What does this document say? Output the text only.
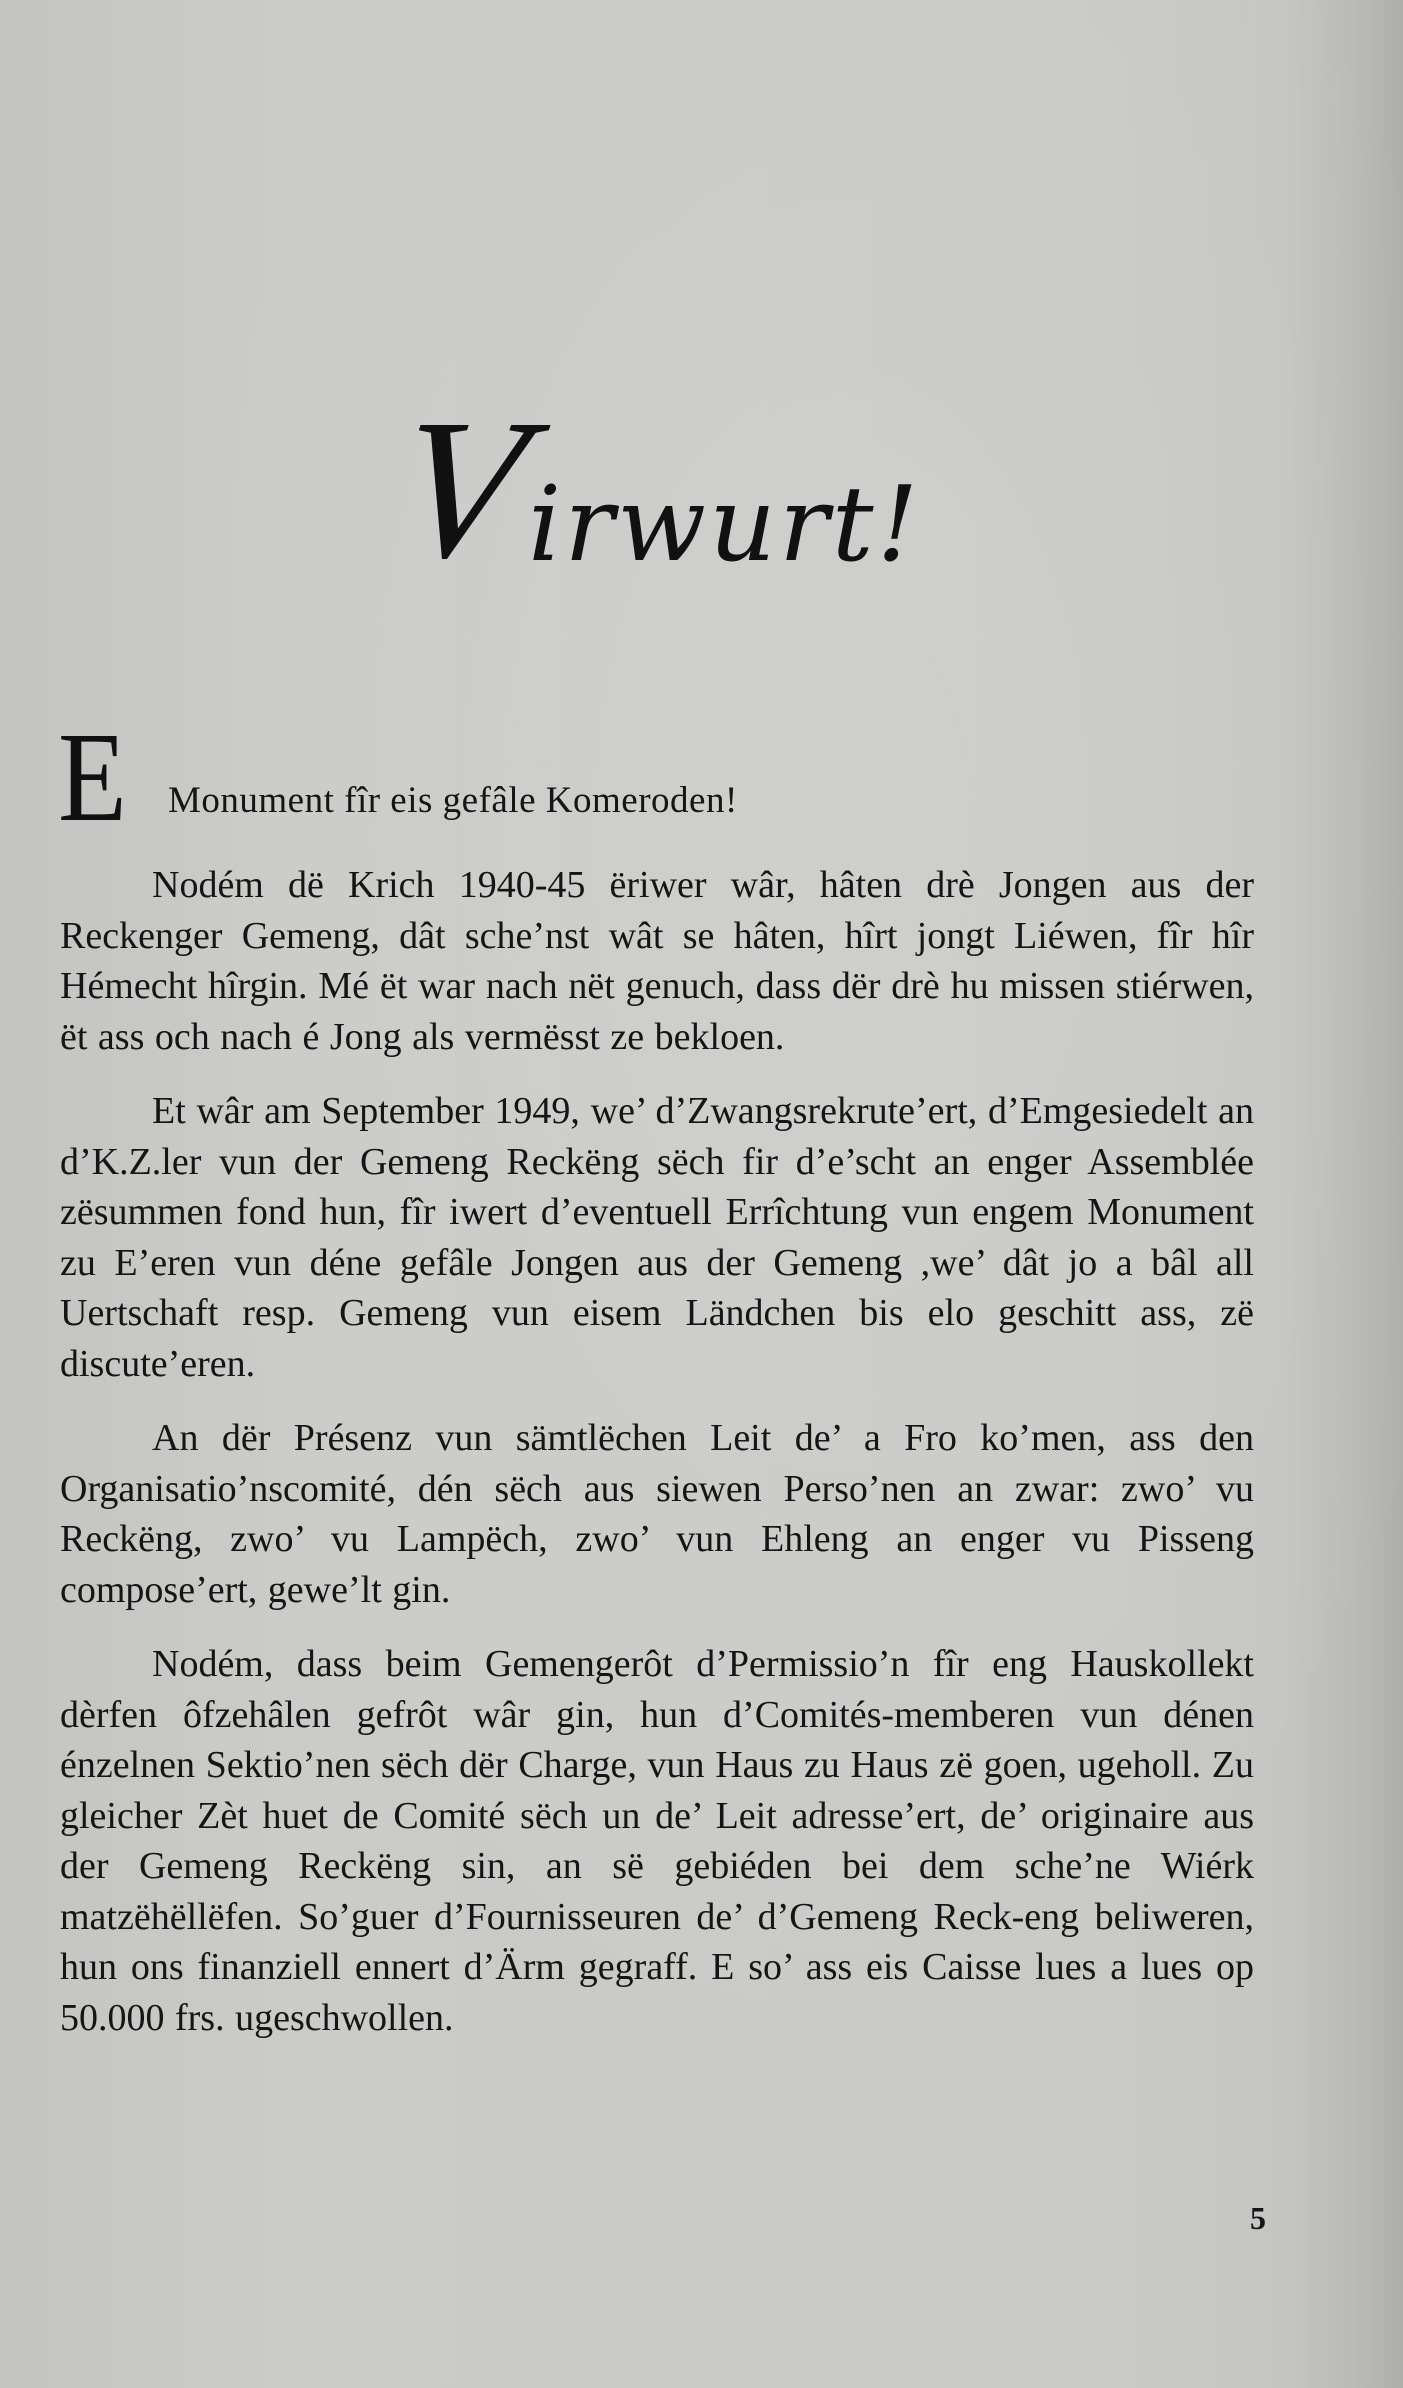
V
irwurt!
E Monument fîr eis gefâle Komeroden!

Nodém dë Krich 1940-45 ëriwer wâr, hâten drè Jongen aus der Reckenger Gemeng, dât sche’nst wât se hâten, hîrt jongt Liéwen, fîr hîr Hémecht hîrgin. Mé ët war nach nët genuch, dass dër drè hu missen stiérwen, ët ass och nach é Jong als vermësst ze bekloen.

Et wâr am September 1949, we’ d’Zwangsrekrute’ert, d’Emgesiedelt an d’K.Z.ler vun der Gemeng Reckëng sëch fir d’e’scht an enger Assemblée zësummen fond hun, fîr iwert d’eventuell Errîchtung vun engem Monument zu E’eren vun déne gefâle Jongen aus der Gemeng ,we’ dât jo a bâl all Uertschaft resp. Gemeng vun eisem Ländchen bis elo geschitt ass, zë discute’eren.

An dër Présenz vun sämtlëchen Leit de’ a Fro ko’men, ass den Organisatio’nscomité, dén sëch aus siewen Perso’nen an zwar: zwo’ vu Reckëng, zwo’ vu Lampëch, zwo’ vun Ehleng an enger vu Pisseng compose’ert, gewe’lt gin.

Nodém, dass beim Gemengerôt d’Permissio’n fîr eng Hauskollekt dèrfen ôfzehâlen gefrôt wâr gin, hun d’Comités-memberen vun dénen énzelnen Sektio’nen sëch dër Charge, vun Haus zu Haus zë goen, ugeholl. Zu gleicher Zèt huet de Comité sëch un de’ Leit adresse’ert, de’ originaire aus der Gemeng Reckëng sin, an së gebiéden bei dem sche’ne Wiérk matzëhëllëfen. So’guer d’Fournisseuren de’ d’Gemeng Reck-eng beliweren, hun ons finanziell ennert d’Ärm gegraff. E so’ ass eis Caisse lues a lues op 50.000 frs. ugeschwollen.

5
